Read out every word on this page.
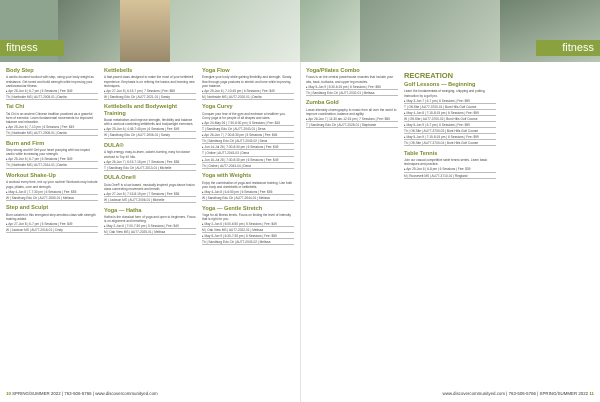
fitness
Body Step

A cardio-focused workout with step, using your body weight as resistance. Get toned and build strength while improving your cardiovascular fitness.

▸ Apr 25-Jun 6 | 6-7 pm | 6 Sessions | Fee: $49

Th | Northside MS | AU77-2005-01 | Danita

Tai Chi

Tai Chi is an ancient Chinese tradition practiced as a graceful form of exercise. Learn fundamental movements for improved balance and relaxation.

▸ Apr 25-Jun 6 | 7-10 pm | 6 Sessions | Fee: $49

Th | Northside MS | AU77-2005-01 | Danita

Burn and Firm

Step strong and fit! Get your heart pumping with low-impact cardio while increasing your strength.

▸ Apr 25-Jun 6 | 6-7 pm | 6 Sessions | Fee: $49

Th | Northside MS | AU77-2014-01 | Danita

Workout Shake-Up

A workout every time, mix up your routine! Workouts may include yoga, pilates, core and strength.

▸ May 4-Jun 8 | 7-7:30 pm | 6 Sessions | Fee: $55

W | Sandburg Edu Ctr | AU77-2050-01 | Melissa

Step and Sculpt

Burn calories in this energized step aerobics class with strength training added.

▸ Apr 27-Jun 8 | 6-7 pm | 5 Sessions | Fee: $49

W | Jackson MS | AU77-2018-01 | Cindy

Kettlebells

A fast-paced class designed to make the most of your kettlebell experience. Emphasis is on refining the basics and learning new techniques.

▸ Apr 27-Jun 8 | 6:15-7 pm | 7 Sessions | Fee: $55

W | Sandburg Edu Ctr | AU77-2021-01 | Sandy

Kettlebells and Bodyweight Training

Boost metabolism and improve strength, flexibility and balance with a workout combining kettlebells and bodyweight exercises.

▸ Apr 25-Jun 6 | 4:45-7:45 pm | 6 Sessions | Fee: $49

W | Sandburg Edu Ctr | AU77-2006-01 | Sandy

DULA®

A high-energy, easy-to-learn, calorie-burning, easy fun dance workout to Top 40 hits.

▸ Apr 26-Jun 7 | 6:15-7:15 pm | 7 Sessions | Fee: $55

T | Sandburg Edu Ctr | AU77-2013-01 | Michelle

DULA.One®

Dula.One® is a low-based, musically inspired yoga dance fusion class connecting movement and breath.

▸ Apr 27-Jun 8 | 7:15-8:15 pm | 7 Sessions | Fee: $55

W | Jackson MS | AU77-2006-01 | Michelle

Yoga — Hatha

Hatha is the classical form of yoga and open to beginners. Focus is on alignment and breathing.

▸ May 2-Jun 6 | 7:00-7:30 pm | 5 Sessions | Fee: $49

M | Oak View MS | AU77-2025-01 | Melissa

Yoga Flow

Energize your body while gaining flexibility and strength. Slowly flow through yoga postures to stretch and tone while improving your balance.

▸ Apr 25-Jun 6 | 7-10:45 pm | 6 Sessions | Fee: $49

M | Northside MS | AU77-2020-01 | Danita

Yoga Curvy

Conquer your fear of the gym and embrace a healthier you. Curvy yoga is for people of all shapes and sizes.

▸ Apr 24-May 26 | 7:30-8:30 pm | 5 Sessions | Fee: $45

T | Sandburg Edu Ctr | AU77-2043-01 | Dena

▸ Apr 26-Jun 7 | 7:30-8:30 pm | 5 Sessions | Fee: $45

Th | Sandburg Edu Ctr | AU77-2043-02 | Dena

▸ Jun 14-Jul 26 | 7:30-8:30 pm | 6 Sessions | Fee: $49

T | Online | AU77-2043-03 | Dena

▸ Jun 16-Jul 28 | 7:30-8:30 pm | 6 Sessions | Fee: $49

Th | Online | AU77-2043-04 | Dena

Yoga with Weights

Enjoy the combination of yoga and resistance training. Use both your body and dumbbells or kettlebells.

▸ May 4-Jun 8 | 6-6:50 pm | 6 Sessions | Fee: $55

W | Sandburg Edu Ctr | AU77-2044-01 | Melissa

Yoga — Gentle Stretch

Yoga for all fitness levels. Focus on finding the level of intensity that is right for you.

▸ May 2-Jun 6 | 6:00-6:50 pm | 5 Sessions | Fee: $49

M | Oak View MS | AU77-2022-01 | Melissa

▸ May 5-Jun 9 | 6:30-7:30 pm | 6 Sessions | Fee: $55

Th | Sandburg Edu Ctr | AU77-2043-02 | Melissa

10 SPRING/SUMMER 2022 | 763-506-5766 | www.discovercommunityed.com
fitness
Yoga/Pilates Combo

Focus is on the central powerhouse muscles that include your abs, back, buttocks, and upper leg muscles.

▸ May 5-Jun 9 | 5:30-6:15 pm | 6 Sessions | Fee: $55

Th | Sandburg Edu Ctr | AU77-2032-01 | Melissa

Zumba Gold

Lower-intensity choreography to music from all over the world to improve coordination, balance and agility.

▸ Apr 26-Jun 7 | 11:30 am-12:15 pm | 7 Sessions | Fee: $55

T | Sandburg Edu Ctr | AU77-2028-01 | Stephanie

RECREATION
Golf Lessons — Beginning

Learn the fundamentals of swinging, chipping and putting. Instruction by a golf pro.

▸ May 3-Jun 7 | 6-7 pm | 6 Sessions | Fee: $99

T | Off-Site | AU77-3700-01 | Bunt Hills Golf Course

▸ May 4-Jun 8 | 7:15-8:15 pm | 6 Sessions | Fee: $99

W | Off-Site | AU77-3700-02 | Bunt Hills Golf Course

▸ May 5-Jun 9 | 6-7 pm | 6 Sessions | Fee: $99

Th | Off-Site | AU77-3700-03 | Bunt Hills Golf Course

▸ May 5-Jun 9 | 7:15-8:15 pm | 6 Sessions | Fee: $99

Th | Off-Site | AU77-3700-04 | Bunt Hills Golf Course

Table Tennis

Join our casual competitive table tennis series. Learn basic techniques and practice.

▸ Apr 25-Jun 6 | 6-8 pm | 6 Sessions | Fee: $39

M | Roosevelt MS | AU77-3710-01 | Ringland

www.discovercommunityed.com | 763-506-5766 | SPRING/SUMMER 2022 11
